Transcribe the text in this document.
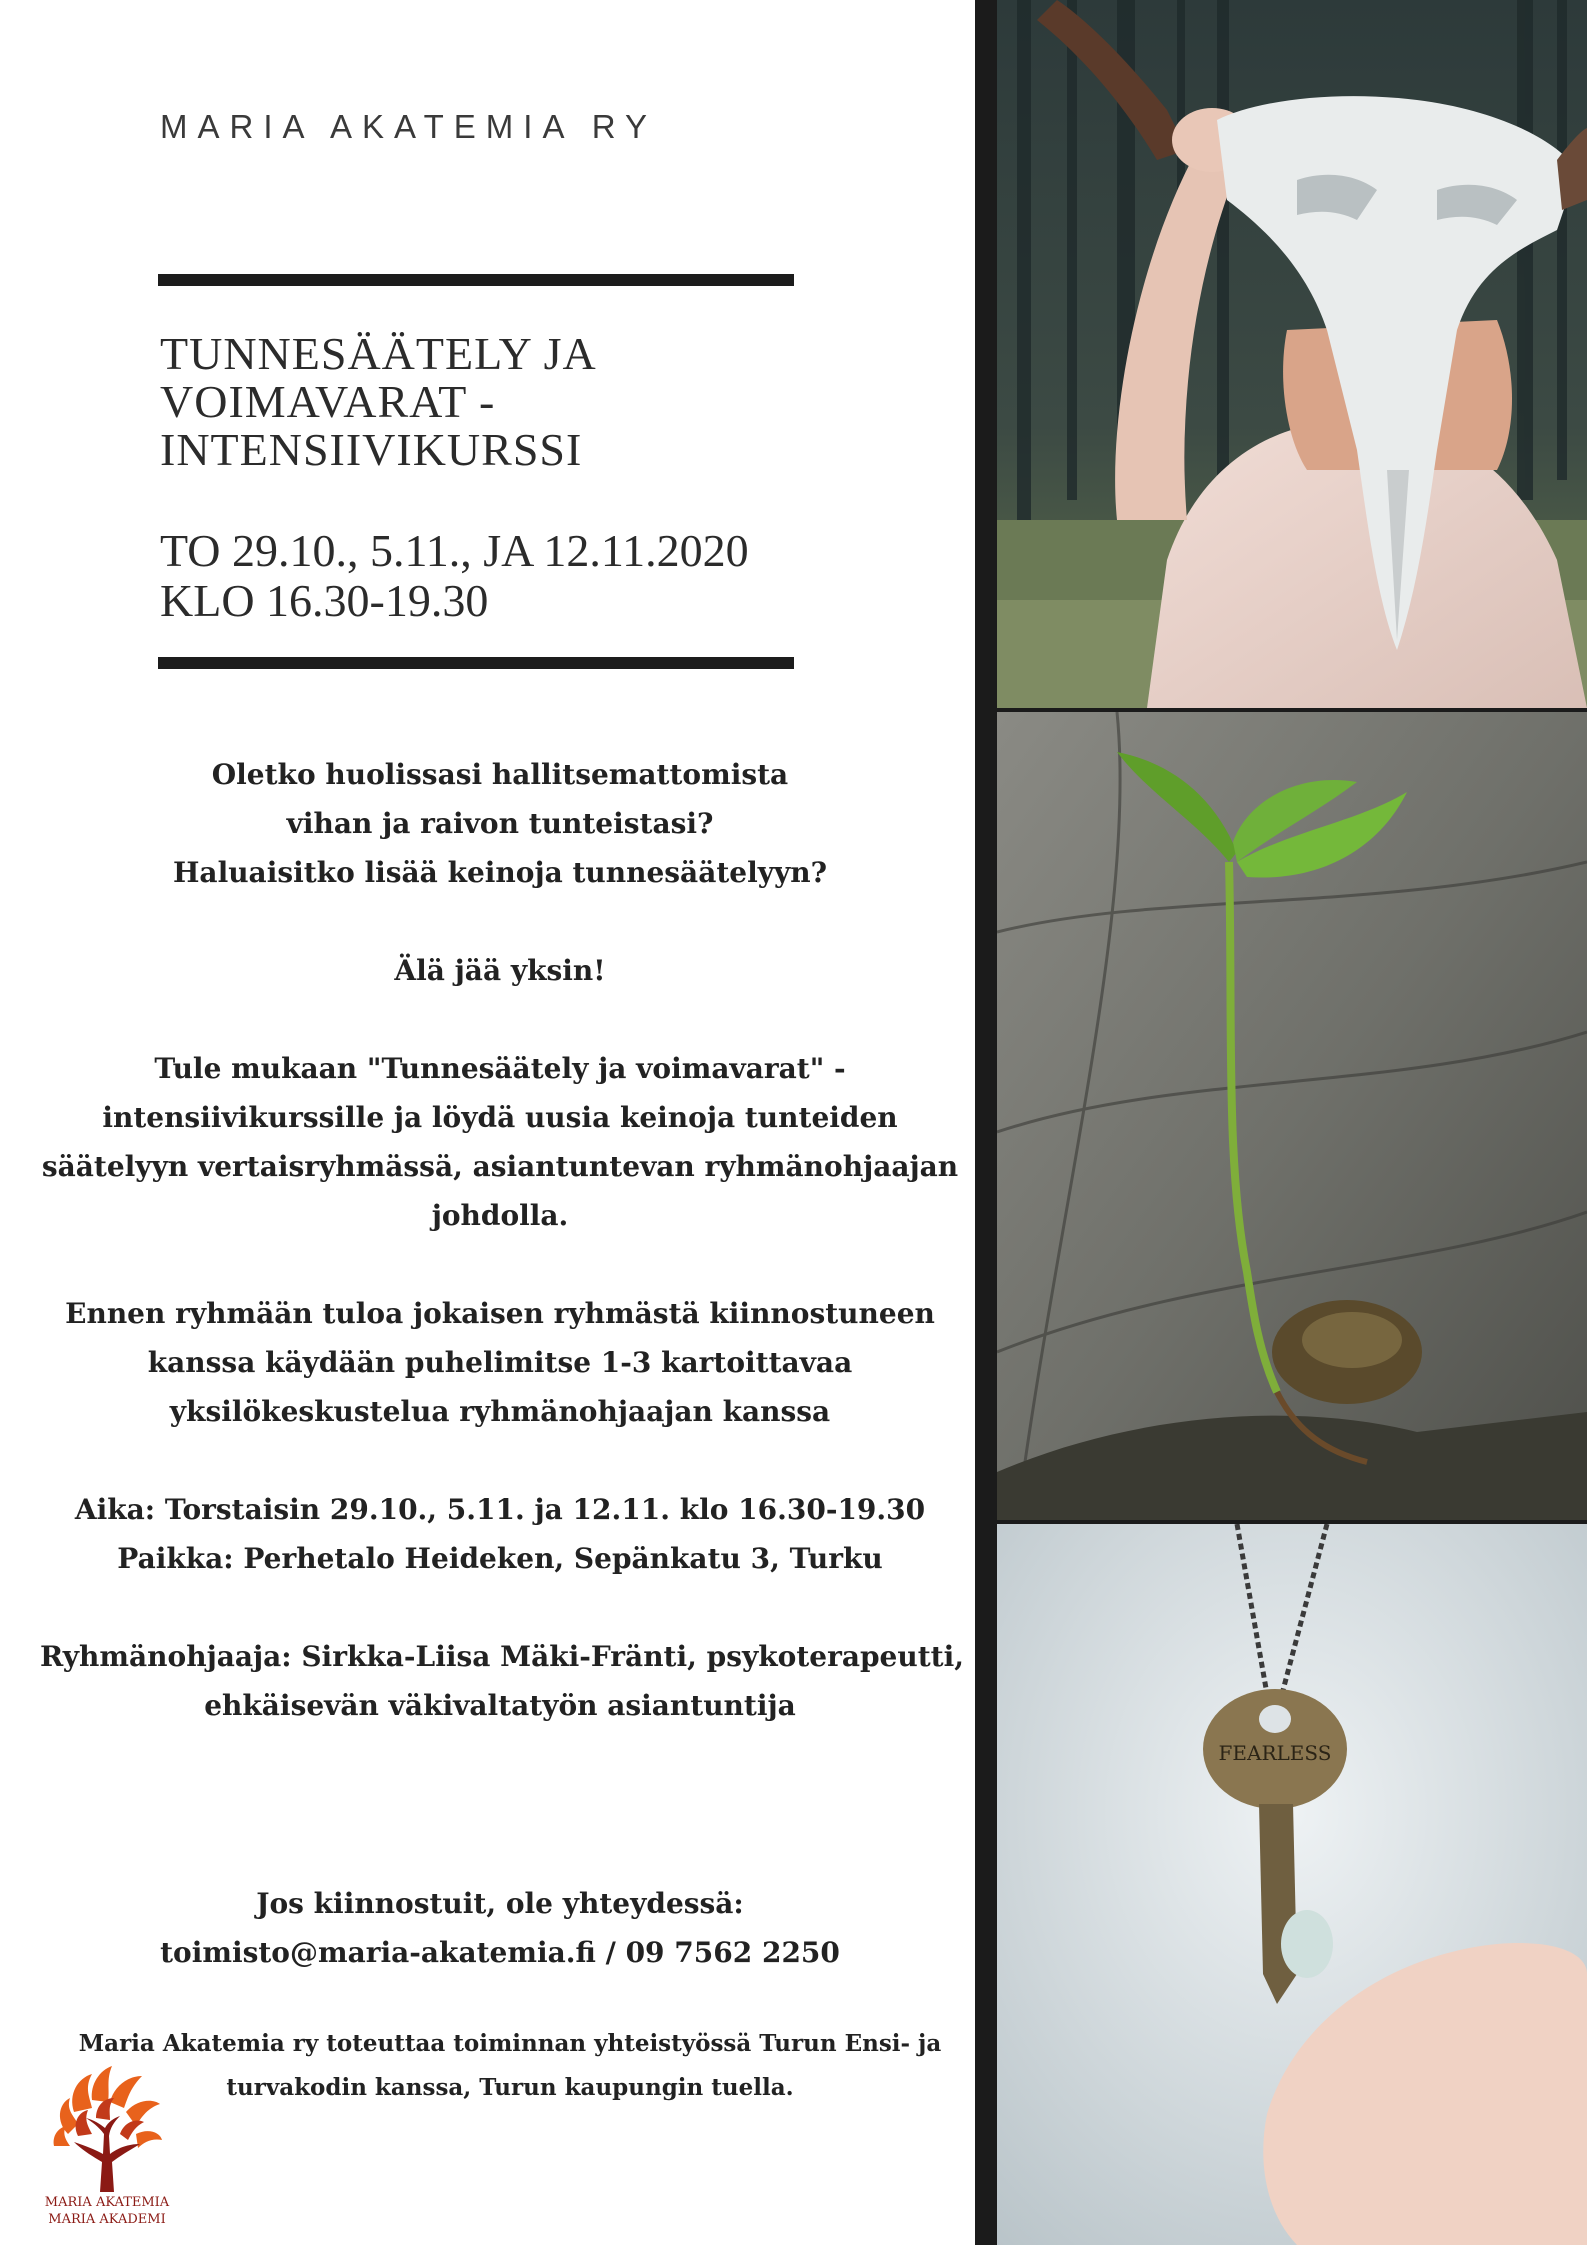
MARIA AKATEMIA RY
TUNNESÄÄTELY JA
VOIMAVARAT -
INTENSIIVIKURSSI
TO 29.10., 5.11., JA 12.11.2020
KLO 16.30-19.30
Oletko huolissasi hallitsemattomista
vihan ja raivon tunteistasi?
Haluaisitko lisää keinoja tunnesäätelyyn?
Älä jää yksin!
Tule mukaan "Tunnesäätely ja voimavarat" -
intensiivikurssille ja löydä uusia keinoja tunteiden
säätelyyn vertaisryhmässä, asiantuntevan ryhmänohjaajan
johdolla.
Ennen ryhmään tuloa jokaisen ryhmästä kiinnostuneen
kanssa käydään puhelimitse 1-3 kartoittavaa
yksilökeskustelua ryhmänohjaajan kanssa
Aika: Torstaisin 29.10., 5.11. ja 12.11. klo 16.30-19.30
Paikka: Perhetalo Heideken, Sepänkatu 3, Turku
Ryhmänohjaaja: Sirkka-Liisa Mäki-Fränti, psykoterapeutti,
ehkäisevän väkivaltatyön asiantuntija
Jos kiinnostuit, ole yhteydessä:
toimisto@maria-akatemia.fi / 09 7562 2250
Maria Akatemia ry toteuttaa toiminnan yhteistyössä Turun Ensi- ja
turvakodin kanssa, Turun kaupungin tuella.
MARIA AKATEMIA
MARIA AKADEMI
FEARLESS
